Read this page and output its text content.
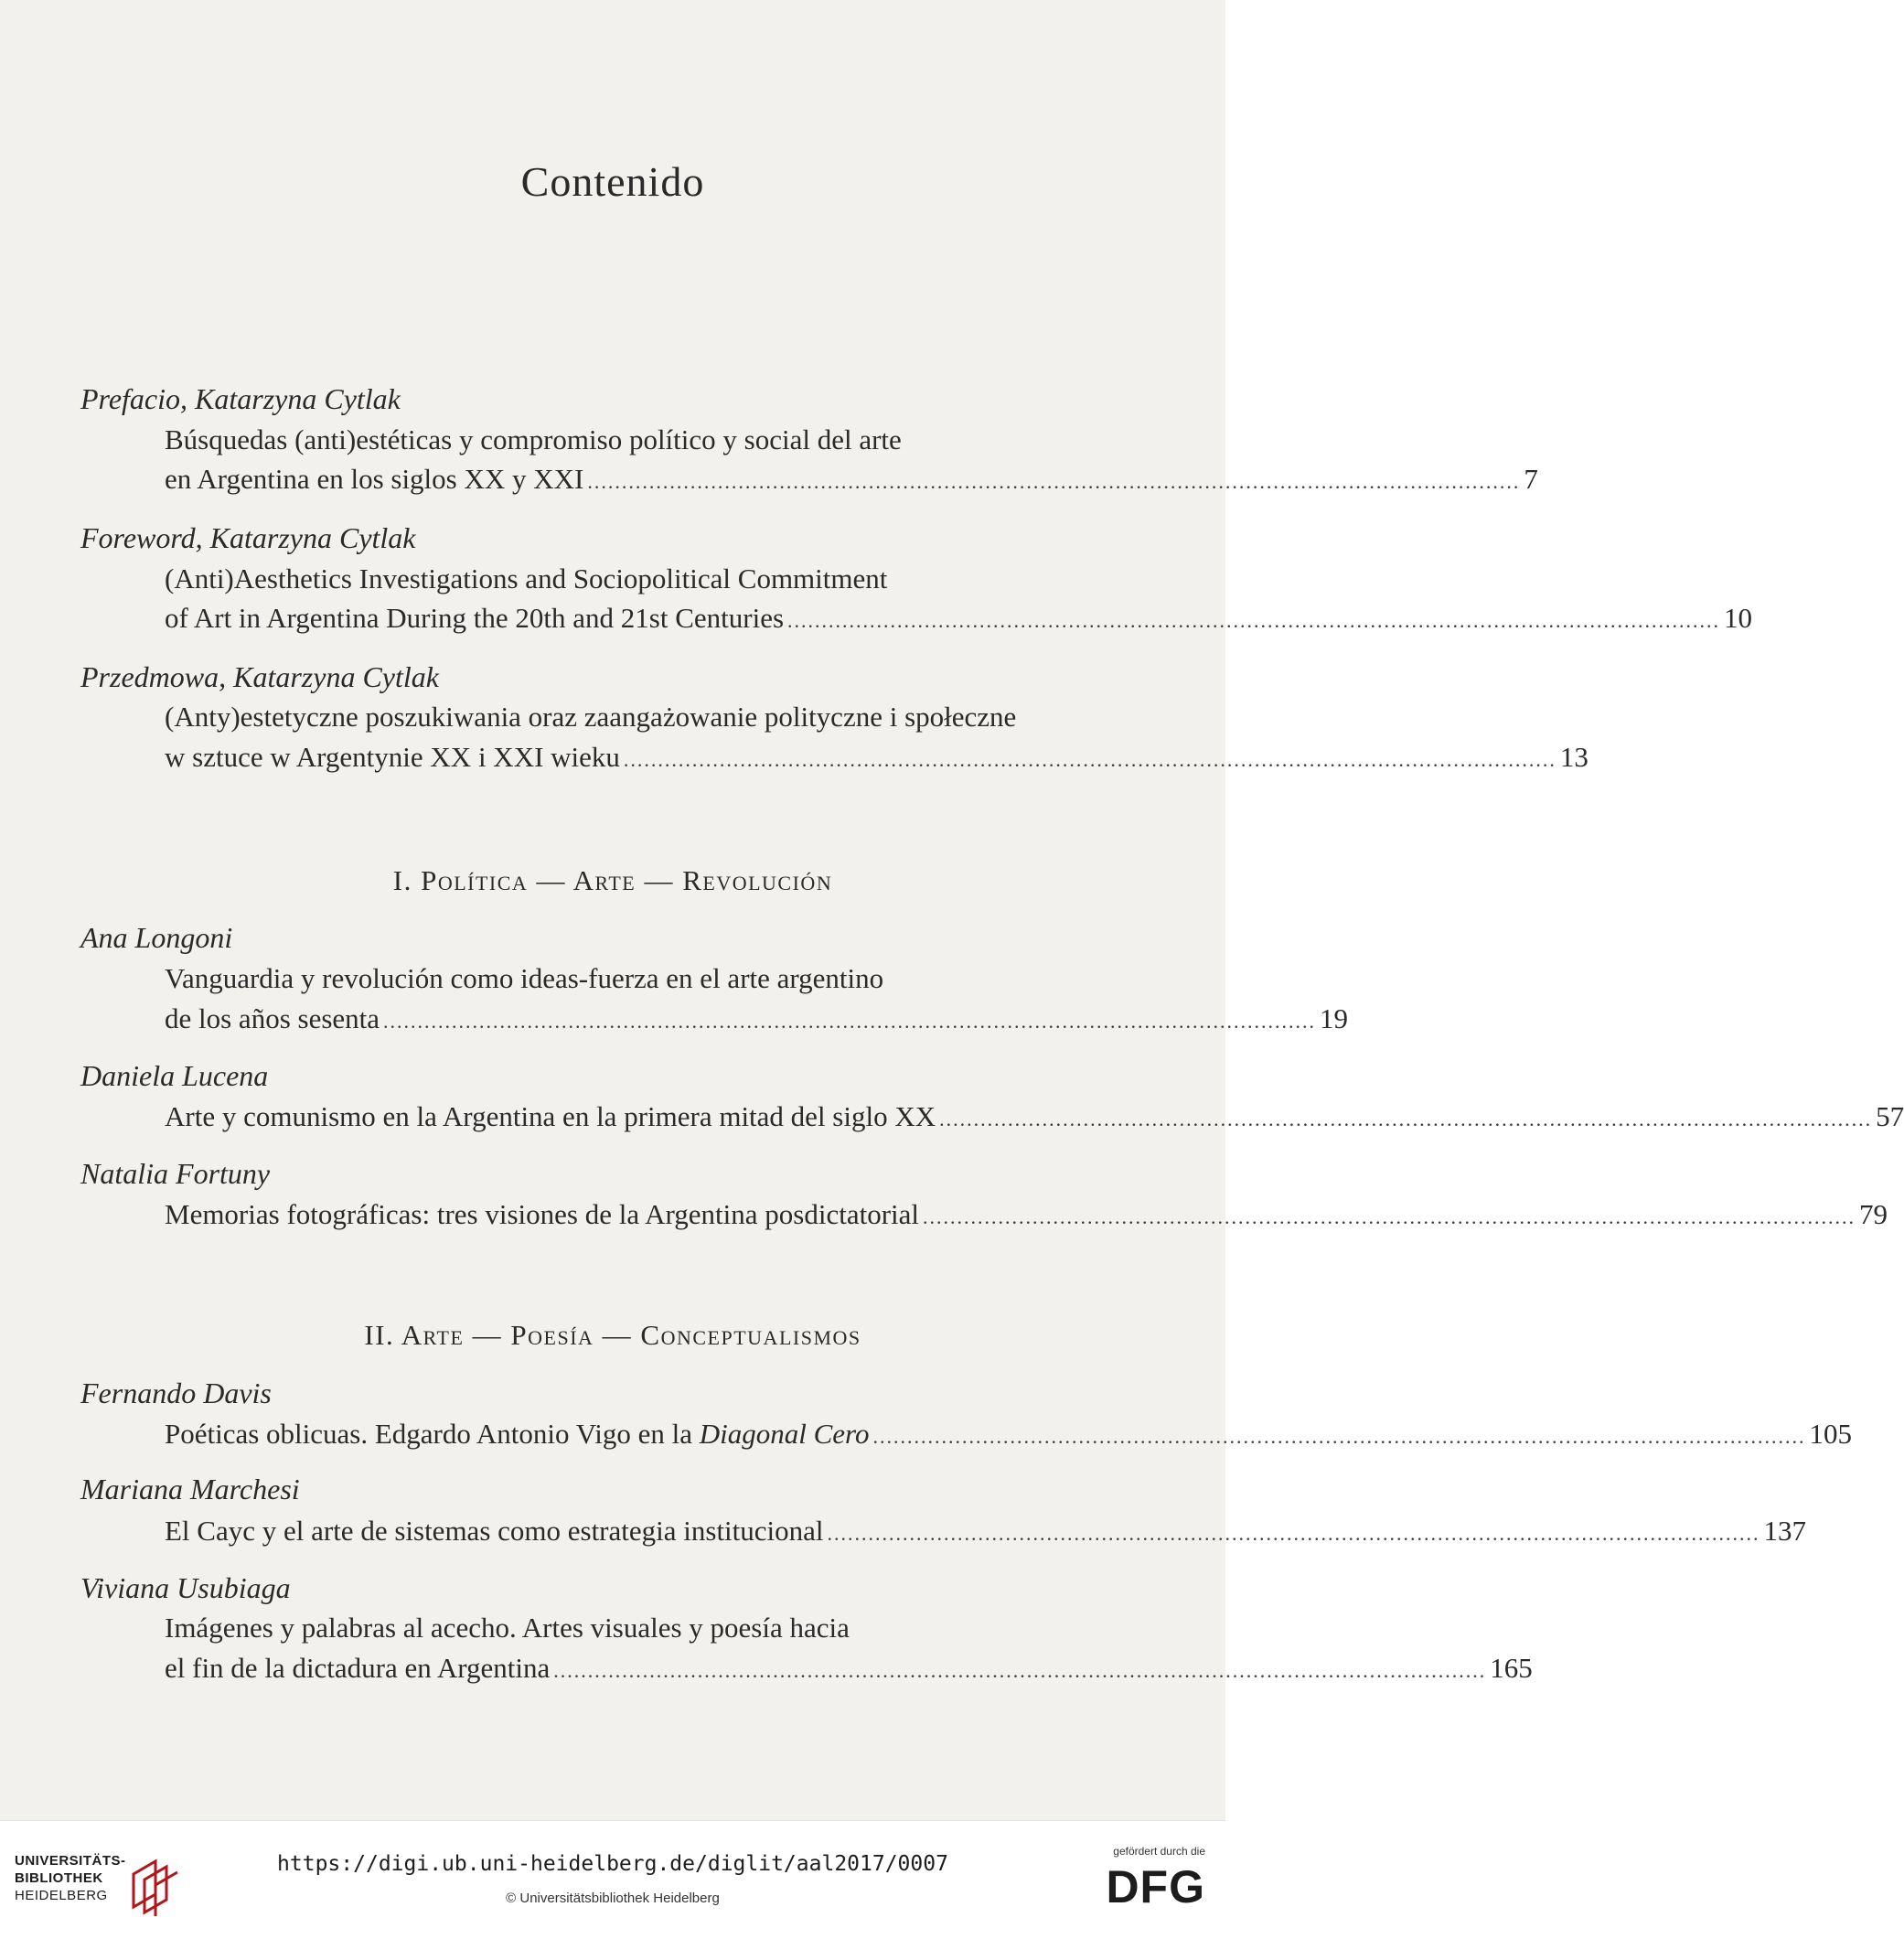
Contenido
Prefacio, Katarzyna Cytlak
Búsquedas (anti)estéticas y compromiso político y social del arte
en Argentina en los siglos XX y XXI ........................................................................................................................................ 7
Foreword, Katarzyna Cytlak
(Anti)Aesthetics Investigations and Sociopolitical Commitment
of Art in Argentina During the 20th and 21st Centuries ........................................................................................................................................ 10
Przedmowa, Katarzyna Cytlak
(Anty)estetyczne poszukiwania oraz zaangażowanie polityczne i społeczne
w sztuce w Argentynie XX i XXI wieku ........................................................................................................................................ 13
I. Política — Arte — Revolución
Ana Longoni
Vanguardia y revolución como ideas-fuerza en el arte argentino
de los años sesenta ........................................................................................................................................ 19
Daniela Lucena
Arte y comunismo en la Argentina en la primera mitad del siglo XX ........................................................................................................................................ 57
Natalia Fortuny
Memorias fotográficas: tres visiones de la Argentina posdictatorial ........................................................................................................................................ 79
II. Arte — Poesía — Conceptualismos
Fernando Davis
Poéticas oblicuas. Edgardo Antonio Vigo en la Diagonal Cero ........................................................................................................................................ 105
Mariana Marchesi
El Cayc y el arte de sistemas como estrategia institucional ........................................................................................................................................ 137
Viviana Usubiaga
Imágenes y palabras al acecho. Artes visuales y poesía hacia
el fin de la dictadura en Argentina ........................................................................................................................................ 165
UNIVERSITÄTS-
BIBLIOTHEK
HEIDELBERG
https://digi.ub.uni-heidelberg.de/diglit/aal2017/0007
© Universitätsbibliothek Heidelberg
gefördert durch die
DFG
